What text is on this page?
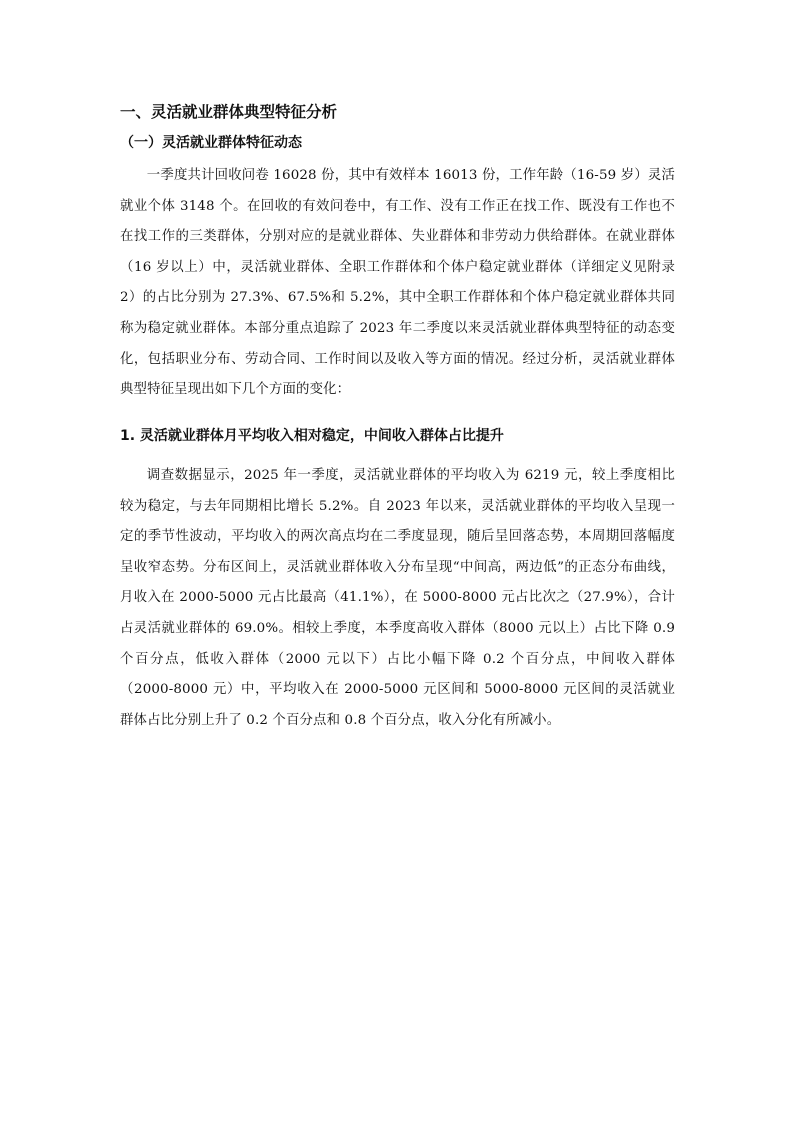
一、灵活就业群体典型特征分析
（一）灵活就业群体特征动态

一季度共计回收问卷 16028 份，其中有效样本 16013 份，工作年龄（16-59 岁）灵活就业个体 3148 个。在回收的有效问卷中，有工作、没有工作正在找工作、既没有工作也不在找工作的三类群体，分别对应的是就业群体、失业群体和非劳动力供给群体。在就业群体（16 岁以上）中，灵活就业群体、全职工作群体和个体户稳定就业群体（详细定义见附录 2）的占比分别为 27.3%、67.5%和 5.2%，其中全职工作群体和个体户稳定就业群体共同称为稳定就业群体。本部分重点追踪了 2023 年二季度以来灵活就业群体典型特征的动态变化，包括职业分布、劳动合同、工作时间以及收入等方面的情况。经过分析，灵活就业群体典型特征呈现出如下几个方面的变化：

1. 灵活就业群体月平均收入相对稳定，中间收入群体占比提升

调查数据显示，2025 年一季度，灵活就业群体的平均收入为 6219 元，较上季度相比较为稳定，与去年同期相比增长 5.2%。自 2023 年以来，灵活就业群体的平均收入呈现一定的季节性波动，平均收入的两次高点均在二季度显现，随后呈回落态势，本周期回落幅度呈收窄态势。分布区间上，灵活就业群体收入分布呈现“中间高，两边低”的正态分布曲线，月收入在 2000-5000 元占比最高（41.1%），在 5000-8000 元占比次之（27.9%），合计占灵活就业群体的 69.0%。相较上季度，本季度高收入群体（8000 元以上）占比下降 0.9 个百分点，低收入群体（2000 元以下）占比小幅下降 0.2 个百分点，中间收入群体（2000-8000 元）中，平均收入在 2000-5000 元区间和 5000-8000 元区间的灵活就业群体占比分别上升了 0.2 个百分点和 0.8 个百分点，收入分化有所减小。
